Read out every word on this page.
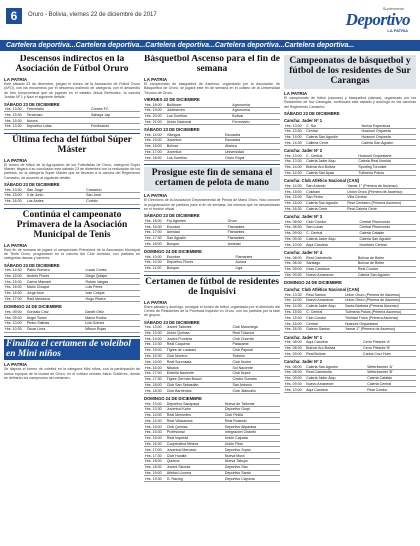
6	Oruro - Bolivia, viernes 22 de diciembre de 2017
Suplemento
Deportivo
LA PATRIA
Cartelera deportiva...Cartelera deportiva...Cartelera deportiva...Cartelera deportiva...Cartelera deportiva...
Descensos indirectos en la Asociación de Fútbol Oruro
LA PATRIA
Este sábado 23 de diciembre, juegan el torneo de la Asociación de Fútbol Oruro (AFO), con los encuentros por el descenso indirecto de categoría, con el desarrollo de tres compromisos que se jugarán en el estadio Jesús Bermúdez, la cancha Jordán Nº 1 y Nazi el siguiente detalle.
SÁBADO 23 DE DICIEMBRE
Hrs. 13:30	Ferroviario	Cóndor FC
Hrs. 15:30	Tercerazo	Sabaya Jap
Hrs. 15:30	Aurora	
Hrs. 13:30	Deportivo Lidas	Ferdinando
Última fecha del fútbol Súper Máster
LA PATRIA
El torneo de fútbol de la Agrupación de los Futbolistas de Oruro, categoría Súper Máster, llegará a su conclusión este sábado 23 de diciembre con la realización de los partidos, en la categoría Súper Máster que se llevarán a la cancha del Regimiento Camacho, de acuerdo al siguiente detalle.
SÁBADO 23 DE DICIEMBRE
Hrs. 13:30	San Jorge	Camacho
Hrs. 15:00	9 de Junio	San José
Hrs. 16:30	Los Andes	Corinto
Continúa el campeonato Primavera de la Asociación Municipal de Tenis
LA PATRIA
Este fin de semana se jugará el campeonato Primavera de la Asociación Municipal de Tenis Oruro, programado en la cancha del Club Amistad, con partidos en categorías damas y varones.
SÁBADO 23 DE DICIEMBRE
Hrs. 14:30	Pablo Romero	Lucas Cortez
Hrs. 15:00	Andrés Flores	Diego Quispe
Hrs. 15:30	Carlos Mamani	Rubén Vargas
Hrs. 16:00	Mario Choque	Luis Pérez
Hrs. 16:30	Jorge Arce	Iván Colque
Hrs. 17:00	Raúl Mendoza	Hugo Rivera
DOMINGO 24 DE DICIEMBRE
Hrs. 09:00	Gonzalo Cruz	Daniel Ortiz
Hrs. 09:30	Ángel Torrez	Marco Rocha
Hrs. 10:00	Pedro Salinas	Luis Gómez
Hrs. 10:30	Óscar Lima	Wilson Rojas
Finaliza el certamen de voleibol en Mini niños
LA PATRIA
Se disputa el torneo de voleibol en la categoría Mini niños, con la participación de varios equipos de la ciudad de Oruro, en el coliseo cerrado Mario Gutiérrez, donde se definirán los campeones del certamen.
Básquetbol Ascenso para el fin de semana
LA PATRIA
El campeonato de básquetbol de Ascenso, organizado por la Asociación de Básquetbol de Oruro, se jugará este fin de semana en el coliseo de la Universidad Técnica de Oruro.
VIERNES 22 DE DICIEMBRE
Hrs. 18:00	Bulldozer	Agronomía
Hrs. 19:00	Juldeseven	Agronomía
Hrs. 20:00	Los Sureños	Bolívar
Hrs. 21:00	Unión Nacional	Ferroviario
SÁBADO 23 DE DICIEMBRE
Hrs. 14:00	Vikingos	Escuadra
Hrs. 15:00	Juventud	Escuadra
Hrs. 16:00	Bolívar	Alianza
Hrs. 17:00	Juventud	Universidad
Hrs. 18:00	Los Sureños	Oruro Royal
Prosigue este fin de semana el certamen de pelota de mano
LA PATRIA
El Directorio de la Asociación Departamental de Pelota de Mano Oruro, hizo conocer la programación de partidos para el fin de semana, los mismos que se desarrollarán en el frontón oficial.
SÁBADO 23 DE DICIEMBRE
Hrs. 16:00	Fry Agentes	Oruro
Hrs. 16:30	Escobar	Flamantes
Hrs. 17:00	Amistad	Flamantes
Hrs. 17:30	San Agustín	Flamantes
Hrs. 18:00	Bosque	Amistad
DOMINGO 24 DE DICIEMBRE
Hrs. 10:00	Escobar	Flamantes
Hrs. 10:30	Deportivo Flores	Aurora
Hrs. 11:00	Bosque	Liga
Certamen de fútbol de residentes de Inquisivi
LA PATRIA
Entre sábado y domingo, prosigue el torneo de fútbol, organizado por el directorio del Centro de Residentes de la Provincia Inquisivi en Oruro, con los partidos por la fase de grupos.
SÁBADO 23 DE DICIEMBRE
Hrs. 13:00	Juvent Tallones	Club Manchega
Hrs. 13:30	Unión Quimsa	Real Tolomos
Hrs. 14:00	Juvent Frontera	Club Chorrita
Hrs. 14:30	Real Caquena	Patacame
Hrs. 15:00	Tigres de Lucatani	Club Pajonal
Hrs. 15:30	Club Moreno	Sobrino
Hrs. 16:00	Real Sorensala	Club Noche
Hrs. 16:30	Nikalos	Sol Naciente
Hrs. 17:00	Estrella Naciente	Club Nupur
Hrs. 17:30	Tigres Germán Busch	Centro Sumata
Hrs. 18:00	Club San Sebastián	San Antonio
Hrs. 18:30	Club Barrientos	Club Jilahuallo
DOMINGO 24 DE DICIEMBRE
Hrs. 13:00	Deportivo Sacapaya	Nueva de Tallomia
Hrs. 13:30	Juventud Kahn	Deportivo Gurpi
Hrs. 14:00	Real Mercedes	Club Pinilla
Hrs. 14:30	Real Villacamca	Real Rolando
Hrs. 15:00	Club Quimsa	Deportivo Aliparasa
Hrs. 15:30	Profesional	Integración Chambi
Hrs. 16:00	Real Inquisivi	Unión Cajuata
Hrs. 16:30	Cooperativa Minera	Unión Real
Hrs. 17:00	Juventud Mercado	Deportivo Sopia
Hrs. 17:30	Club Huatila	Nueva Mura
Hrs. 18:00	Quioma	Nueva Tabuyo
Hrs. 18:30	Juvent Siconia	Deportivo San
Hrs. 19:00	Atlético Licoma	Deportivo Santa
Hrs. 19:30	G. Racing	Deportivo Cayuma
Campeonatos de básquetbol y fútbol de los residentes de Sur Carangas
LA PATRIA
El campeonato de fútbol (varones) y básquetbol (damas), organizado por los Residentes de Sur Carangas, continuará este sábado y domingo en las canchas del Regimiento Camacho.
SÁBADO 23 DE DICIEMBRE
Cancha: Jader Nº 1
Hrs. 13:00	C. Sur	Nueva Esperanza
Hrs. 13:30	Central	Huanuni Orquesta
Hrs. 14:00	Caleria San Agustín	Huanuni Orquesta
Hrs. 14:30	Calleria Centr	Caleria San Agustín
Cancha: Jader Nº 2
Hrs. 13:00	C. Central	Huanuni Orquestane
Hrs. 13:30	Caleria Jader Aiqu	Caleria Real Ilumina
Hrs. 14:00	Bolívar Aro Bolivia	Sporting Torunkel
Hrs. 14:30	Caleria San Ayaa	Tullmeria Pokos
Cancha: Club Atlético Nacional (CAN)
Hrs. 14:30	San Antonio	Yamar 1° (Primera de Ascenso)
Hrs. 15:00	Colchani	Unión Oruro (Primera de Ascenso)
Hrs. 15:30	San Pedro	Villa Central
Hrs. 16:00	Caleria San Agustín	Real Centauro (Primera Ascenso)
Hrs. 16:30	Caleria Centr	Real Caleria Centr
Cancha: Jader Nº 3
Hrs. 08:00	Club Condor	Central Pisorcondo
Hrs. 08:30	San Lucas	Central Pisorcondo
Hrs. 09:00	C. Central	Caleria Catalán
Hrs. 09:30	Caleria Jader Aiqu	Caleria San Agustín
Hrs. 10:00	Aqui Carolina	Hombres Central
Cancha: Jader Nº 4
Hrs. 08:00	Real Carimbolia	Bolívar de Belen
Hrs. 08:30	Santiago	Bolívar de Belen
Hrs. 09:00	Gran Candoca	Real Condor
Hrs. 09:30	Nuevo Amanecer	Caleria San Agustín
DOMINGO 24 DE DICIEMBRE
Cancha: Club Atlético Nacional (CAN)
Hrs. 13:30	Real Santos	Unión Oruro (Primera de Ascenso)
Hrs. 14:00	Nuevo Amanecer	Unión Oruro (Primera de Ascenso)
Hrs. 14:30	Caleria Jader Aiqu	Santa Bárbara (Primera Ascenso)
Hrs. 15:00	C. Central	Tullmeria Pokos (Primera Ascenso)
Hrs. 15:30	Club Condor	Trinidad Turco (Primera Ascenso)
Hrs. 16:00	Central	Huanuni Orquestane
Hrs. 16:30	Galeno Santos	Yamar 1° (Primera de Ascenso)
Cancha: Jader Nº 1
Hrs. 08:00	Aqui Carolina	Cerro Pefanfa 'A'
Hrs. 08:30	Bolívar Aro Bolivia	Cerro Pefanfa 'B'
Hrs. 09:00	Real Bolívar	Carlos Cruz Hum
Cancha: Jader Nº 2
Hrs. 08:00	Caleria San Agustín	Weterbanner 'A'
Hrs. 08:30	Real Carimbolia	Weterbanner 'B'
Hrs. 09:00	Caleria Jader Aiqu	Caleria Catalán
Hrs. 09:30	Nuevo Amanecer	Caleria Central
Hrs. 10:00	Aqui Carolina	Real Condor
